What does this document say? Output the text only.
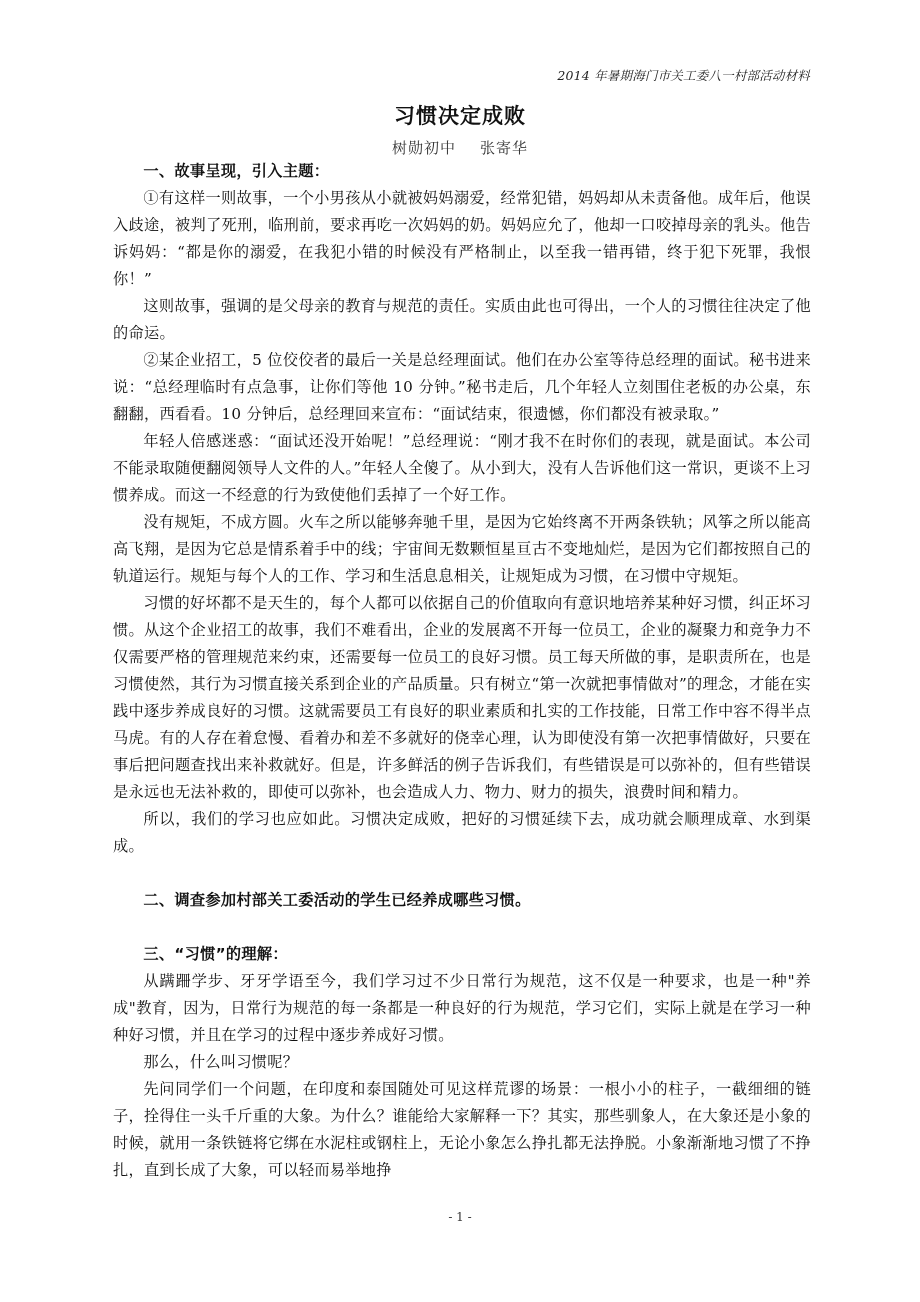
2014 年暑期海门市关工委八一村部活动材料
习惯决定成败
树勋初中 张寄华

一、故事呈现，引入主题：

①有这样一则故事，一个小男孩从小就被妈妈溺爱，经常犯错，妈妈却从未责备他。成年后，他误入歧途，被判了死刑，临刑前，要求再吃一次妈妈的奶。妈妈应允了，他却一口咬掉母亲的乳头。他告诉妈妈：“都是你的溺爱，在我犯小错的时候没有严格制止，以至我一错再错，终于犯下死罪，我恨你！”

这则故事，强调的是父母亲的教育与规范的责任。实质由此也可得出，一个人的习惯往往决定了他的命运。

②某企业招工，5 位佼佼者的最后一关是总经理面试。他们在办公室等待总经理的面试。秘书进来说：“总经理临时有点急事，让你们等他 10 分钟。”秘书走后，几个年轻人立刻围住老板的办公桌，东翻翻，西看看。10 分钟后，总经理回来宣布：“面试结束，很遗憾，你们都没有被录取。”

年轻人倍感迷惑：“面试还没开始呢！”总经理说：“刚才我不在时你们的表现，就是面试。本公司不能录取随便翻阅领导人文件的人。”年轻人全傻了。从小到大，没有人告诉他们这一常识，更谈不上习惯养成。而这一不经意的行为致使他们丢掉了一个好工作。

没有规矩，不成方圆。火车之所以能够奔驰千里，是因为它始终离不开两条铁轨；风筝之所以能高高飞翔，是因为它总是情系着手中的线；宇宙间无数颗恒星亘古不变地灿烂，是因为它们都按照自己的轨道运行。规矩与每个人的工作、学习和生活息息相关，让规矩成为习惯，在习惯中守规矩。

习惯的好坏都不是天生的，每个人都可以依据自己的价值取向有意识地培养某种好习惯，纠正坏习惯。从这个企业招工的故事，我们不难看出，企业的发展离不开每一位员工，企业的凝聚力和竞争力不仅需要严格的管理规范来约束，还需要每一位员工的良好习惯。员工每天所做的事，是职责所在，也是习惯使然，其行为习惯直接关系到企业的产品质量。只有树立“第一次就把事情做对”的理念，才能在实践中逐步养成良好的习惯。这就需要员工有良好的职业素质和扎实的工作技能，日常工作中容不得半点马虎。有的人存在着怠慢、看着办和差不多就好的侥幸心理，认为即使没有第一次把事情做好，只要在事后把问题查找出来补救就好。但是，许多鲜活的例子告诉我们，有些错误是可以弥补的，但有些错误是永远也无法补救的，即使可以弥补，也会造成人力、物力、财力的损失，浪费时间和精力。

所以，我们的学习也应如此。习惯决定成败，把好的习惯延续下去，成功就会顺理成章、水到渠成。

二、调查参加村部关工委活动的学生已经养成哪些习惯。

三、“习惯”的理解：

从蹒跚学步、牙牙学语至今，我们学习过不少日常行为规范，这不仅是一种要求，也是一种"养成"教育，因为，日常行为规范的每一条都是一种良好的行为规范，学习它们，实际上就是在学习一种种好习惯，并且在学习的过程中逐步养成好习惯。

那么，什么叫习惯呢？

先问同学们一个问题，在印度和泰国随处可见这样荒谬的场景：一根小小的柱子，一截细细的链子，拴得住一头千斤重的大象。为什么？谁能给大家解释一下？其实，那些驯象人，在大象还是小象的时候，就用一条铁链将它绑在水泥柱或钢柱上，无论小象怎么挣扎都无法挣脱。小象渐渐地习惯了不挣扎，直到长成了大象，可以轻而易举地挣

- 1 -
